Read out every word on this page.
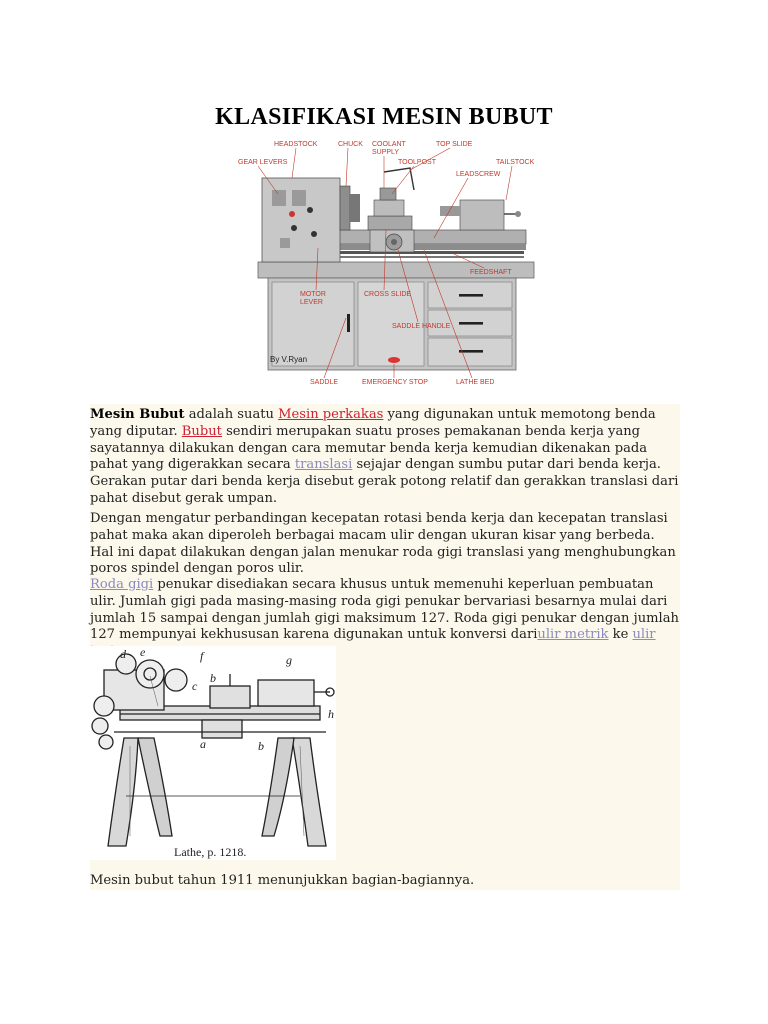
KLASIFIKASI MESIN BUBUT
HEADSTOCK	CHUCK COOLANT
SUPPLY
TOP SLIDE
GEAR LEVERS	TOOLPOST
LEADSCREW
TAILSTOCK
FEEDSHAFT
MOTOR
LEVER
CROSS SLIDE
SADDLE HANDLE
By V.Ryan
SADDLE	EMERGENCY STOP	LATHE BED
Mesin Bubut adalah suatu Mesin perkakas yang digunakan untuk memotong benda yang diputar. Bubut sendiri merupakan suatu proses pemakanan benda kerja yang sayatannya dilakukan dengan cara memutar benda kerja kemudian dikenakan pada pahat yang digerakkan secara translasi sejajar dengan sumbu putar dari benda kerja. Gerakan putar dari benda kerja disebut gerak potong relatif dan gerakkan translasi dari pahat disebut gerak umpan.
Dengan mengatur perbandingan kecepatan rotasi benda kerja dan kecepatan translasi pahat maka akan diperoleh berbagai macam ulir dengan ukuran kisar yang berbeda. Hal ini dapat dilakukan dengan jalan menukar roda gigi translasi yang menghubungkan poros spindel dengan poros ulir.
Roda gigi penukar disediakan secara khusus untuk memenuhi keperluan pembuatan ulir. Jumlah gigi pada masing-masing roda gigi penukar bervariasi besarnya mulai dari jumlah 15 sampai dengan jumlah gigi maksimum 127. Roda gigi penukar dengan jumlah 127 mempunyai kekhususan karena digunakan untuk konversi dariulir metrik ke ulir
d e	f	g
c
b
h
a	b
Lathe, p. 1218.
Mesin bubut tahun 1911 menunjukkan bagian-bagiannya.
